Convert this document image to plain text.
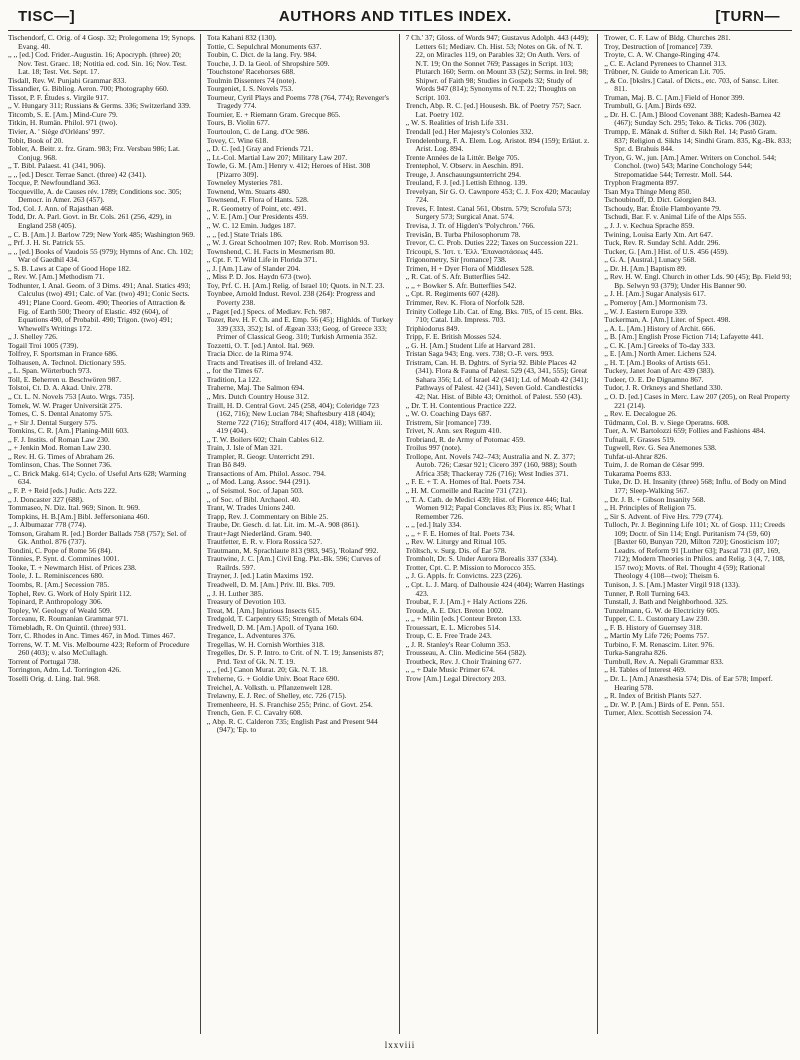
TISC—]	AUTHORS AND TITLES INDEX.	[TURN—

Tischendorf, C. Orig. of 4 Gosp. 32; Prolegomena 19; Synops. Evang. 40.

,, ,, [ed.] Cod. Frider.-Augustin. 16; Apocryph. (three) 20; Nov. Test. Graec. 18; Notitia ed. cod. Sin. 16; Nov. Test. Lat. 18; Test. Vet. Sept. 17.

Tisdall, Rev. W. Punjabi Grammar 833.

Tissandier, G. Bibliog. Aeron. 700; Photography 660.

Tissot, P. F. Études s. Virgile 917.

,, V. Hungary 311; Russians & Germs. 336; Switzerland 339.

Titcomb, S. E. [Am.] Mind-Cure 79.

Titkin, H. Rumän. Philol. 971 (two).

Tivier, A. ' Siège d'Orléans' 997.

Tobit, Book of 20.

Tobler, A. Beitr. z. frz. Gram. 983; Frz. Versbau 986; Lat. Conjug. 968.

,, T. Bibl. Palaest. 41 (341, 906).

,, ,, [ed.] Descr. Terrae Sanct. (three) 42 (341).

Tocque, P. Newfoundland 363.

Tocqueville, A. de Causes rév. 1789; Conditions soc. 305; Democr. in Amer. 263 (457).

Tod, Col. J. Ann. of Rajasthan 468.

Todd, Dr. A. Parl. Govt. in Br. Cols. 261 (256, 429), in England 258 (405).

,, C. B. [Am.] J. Barlow 729; New York 485; Washington 969.

,, Prf. J. H. St. Patrick 55.

,, ,, [ed.] Books of Vaudois 55 (979); Hymns of Anc. Ch. 102; War of Gaedhil 434.

,, S. B. Laws at Cape of Good Hope 182.

,, Rev. W. [Am.] Methodism 71.

Todhunter, I. Anal. Geom. of 3 Dims. 491; Anal. Statics 493; Calculus (two) 491; Calc. of Var. (two) 491; Conic Sects. 491; Plane Coord. Geom. 490; Theories of Attraction & Fig. of Earth 500; Theory of Elastic. 492 (604), of Equations 490, of Probabil. 490; Trigon. (two) 491; Whewell's Writings 172.

,, J. Shelley 726.

Togail Troi 1005 (739).

Tolfrey, F. Sportsman in France 686.

Tolhausen, A. Technol. Dictionary 595.

,, L. Span. Wörterbuch 973.

Toll, E. Beherren u. Beschwören 987.

Tolstoi, Ct. D. A. Akad. Univ. 278.

,, Ct. L. N. Novels 753 [Auto. Wrgs. 735].

Tomek, W. W. Prager Universität 275.

Tomes, C. S. Dental Anatomy 575.

,, + Sir J. Dental Surgery 575.

Tomkins, C. R. [Am.] Planing-Mill 603.

,, F. J. Instits. of Roman Law 230.

,, + Jenkin Mod. Roman Law 230.

,, Rev. H. G. Times of Abraham 26.

Tomlinson, Chas. The Sonnet 736.

,, C. Brick Makg. 614; Cyclo. of Useful Arts 628; Warming 634.

,, F. P. + Reid [eds.] Judic. Acts 222.

,, J. Doncaster 327 (688).

Tommaseo, N. Diz. Ital. 969; Sinon. It. 969.

Tompkins, H. B.[Am.] Bibl. Jeffersoniana 460.

,, J. Albumazar 778 (774).

Tomson, Graham R. [ed.] Border Ballads 758 (757); Sel. of Gk. Anthol. 876 (737).

Tondini, C. Pope of Rome 56 (84).

Tönnies, P. Synt. d. Commines 1001.

Tooke, T. + Newmarch Hist. of Prices 238.

Toole, J. L. Reminiscences 680.

Toombs, R. [Am.] Secession 785.

Tophel, Rev. G. Work of Holy Spirit 112.

Topinard, P. Anthropology 306.

Topley, W. Geology of Weald 509.

Torceanu, R. Roumanian Grammar 971.

Törnebladh, R. On Quintil. (three) 931.

Torr, C. Rhodes in Anc. Times 467, in Mod. Times 467.

Torrens, W. T. M. Vis. Melbourne 423; Reform of Procedure 260 (403); v. also McCullagh.

Torrent of Portugal 738.

Torrington, Adm. Ld. Torrington 426.

Toselli Orig. d. Ling. Ital. 968.

Tota Kahani 832 (130).

Tottie, C. Sepulchral Monuments 637.

Toubin, C. Dict. de la lang. Fry. 984.

Touche, J. D. la Geol. of Shropshire 509.

'Touchstone' Racehorses 688.

Toulmin Dissenters 74 (note).

Tourgeniet, I. S. Novels 753.

Tourneur, Cyril Plays and Poems 778 (764, 774); Revenger's Tragedy 774.

Tournier, E. + Riemann Gram. Grecque 865.

Tours, B. Violin 677.

Tourtoulon, C. de Lang. d'Oc 986.

Tovey, C. Wine 618.

,, D. C. [ed.] Gray and Friends 721.

,, Lt.-Col. Martial Law 207; Military Law 207.

Towle, G. M. [Am.] Henry v. 412; Heroes of Hist. 308 [Pizarro 309].

Towneley Mysteries 781.

Townend, Wm. Stuarts 480.

Townsend, F. Flora of Hants. 528.

,, R. Geometry of Point, etc. 491.

,, V. E. [Am.] Our Presidents 459.

,, W. C. 12 Emin. Judges 187.

,, ,, [ed.] State Trials 186.

,, W. J. Great Schoolmen 107; Rev. Rob. Morrison 93.

Townshend, C. H. Facts in Mesmerism 80.

,, Cpt. F. T. Wild Life in Florida 371.

,, J. [Am.] Law of Slander 204.

,, Miss P. D. Jos. Haydn 673 (two).

Toy, Prf. C. H. [Am.] Relig. of Israel 10; Quots. in N.T. 23.

Toynbee, Arnold Indust. Revol. 238 (264): Progress and Poverty 238.

,, Paget [ed.] Specs. of Mediæv. Fch. 987.

Tozer, Rev. H. F. Ch. and E. Emp. 56 (45); Highlds. of Turkey 339 (333, 352); Isl. of Ægean 333; Geog. of Greece 333; Primer of Classical Geog. 310; Turkish Armenia 352.

Tozzetti, O. T. [ed.] Antol. Ital. 969.

Tracia Dicc. de la Rima 974.

Tracts and Treatises ill. of Ireland 432.

,, for the Times 67.

Tradition, La 122.

Traherne, Maj. The Salmon 694.

,, Mrs. Dutch Country House 312.

Traill, H. D. Central Govt. 245 (258, 404); Coleridge 723 (162, 716); New Lucian 784; Shaftesbury 418 (404); Sterne 722 (716); Strafford 417 (404, 418); William iii. 419 (404).

,, T. W. Boilers 602; Chain Cables 612.

Train, J. Isle of Man 321.

Trampler, R. Geogr. Unterricht 291.

Tran Bô 849.

Transactions of Am. Philol. Assoc. 794.

,, of Mod. Lang. Assoc. 944 (291).

,, of Seismol. Soc. of Japan 503.

,, of Soc. of Bibl. Archaeol. 40.

Trant, W. Trades Unions 240.

Trapp, Rev. J. Commentary on Bible 25.

Traube, Dr. Gesch. d. lat. Lit. im. M.-A. 908 (861).

Traut+Jagt Niederländ. Gram. 940.

Trautfetter, E. R. v. Flora Rossica 527.

Trautmann, M. Sprachlaute 813 (983, 945), 'Roland' 992.

Trautwine, J. C. [Am.] Civil Eng. Pkt.-Bk. 596; Curves of Railrds. 597.

Trayner, J. [ed.] Latin Maxims 192.

Treadwell, D. M. [Am.] Priv. Ill. Bks. 709.

,, J. H. Luther 385.

Treasury of Devotion 103.

Treat, M. [Am.] Injurious Insects 615.

Tredgold, T. Carpentry 635; Strength of Metals 604.

Tredwell, D. M. [Am.] Apoll. of Tyana 160.

Tregance, L. Adventures 376.

Tregellas, W. H. Cornish Worthies 318.

Tregelles, Dr. S. P. Intro. to Crit. of N. T. 19; Jansenists 87; Prtd. Text of Gk. N. T. 19.

,, ,, [ed.] Canon Murat. 20; Gk. N. T. 18.

Treherne, G. + Goldie Univ. Boat Race 690.

Treichel, A. Volksth. u. Pflanzenwelt 128.

Trelawny, E. J. Rec. of Shelley, etc. 726 (715).

Tremenheere, H. S. Franchise 255; Princ. of Govt. 254.

Trench, Gen. F. C. Cavalry 608.

,, Abp. R. C. Calderon 735; English Past and Present 944 (947); 'Ep. to

7 Ch.' 37; Gloss. of Words 947; Gustavus Adolph. 443 (449); Letters 61; Mediæv. Ch. Hist. 53; Notes on Gk. of N. T. 22, on Miracles 119, on Parables 32; On Auth. Vers. of N.T. 19; On the Sonnet 769; Passages in Script. 103; Plutarch 160; Serm. on Mount 33 (52); Serms. in Irel. 98; Shipwr. of Faith 98; Studies in Gospels 32; Study of Words 947 (814); Synonyms of N.T. 22; Thoughts on Script. 103.

Trench, Abp. R. C. [ed.] Housesh. Bk. of Poetry 757; Sacr. Lat. Poetry 102.

,, W. S. Realities of Irish Life 331.

Trendall [ed.] Her Majesty's Colonies 332.

Trendelenburg, F. A. Elem. Log. Aristot. 894 (159); Erläut. z. Arist. Log. 894.

Trente Années de la Littér. Belge 705.

Trentephol, V. Observ. in Aeschin. 891.

Treuge, J. Anschauungsunterricht 294.

Treuland, F. J. [ed.] Lettish Ethnog. 139.

Trevelyan, Sir G. O. Cawnpore 453; C. J. Fox 420; Macaulay 724.

Treves, F. Intest. Canal 561, Obstrn. 579; Scrofula 573; Surgery 573; Surgical Anat. 574.

Trevisa, J. Tr. of Higden's 'Polychron.' 766.

Trevisân, B. Turba Philosophorum 78.

Trevor, C. C. Prob. Duties 222; Taxes on Succession 221.

Tricoupi, S. 'Ιστ. τ. 'Ελλ. 'Επαναστάσεως 445.

Trigonometry, Sir [romance] 738.

Trimen, H + Dyer Flora of Middlesex 528.

,, R. Cat. of S. Afr. Butterflies 542.

,, ,, + Bowker S. Afr. Butterflies 542.

,, Cpt. R. Regiments 607 (428).

Trimmer, Rev. K. Flora of Norfolk 528.

Trinity College Lib. Cat. of Eng. Bks. 705, of 15 cent. Bks. 710; Catal. Lib. Impress. 703.

Triphiodorus 849.

Tripp, F. E. British Mosses 524.

,, G. H. [Am.] Student Life at Harvard 281.

Tristan Saga 943; Eng. vers. 738; O.-F. vers. 993.

Tristram, Can. H. B. Dghtrs. of Syria 92. Bible Places 42 (341). Flora & Fauna of Palest. 529 (43, 341, 555); Great Sahara 356; Ld. of Israel 42 (341); Ld. of Moab 42 (341); Pathways of Palest. 42 (341), Seven Gold. Candlesticks 42; Nat. Hist. of Bible 43; Ornithol. of Palest. 550 (43).

,, Dr. T. H. Contentious Practice 222.

,, W. O. Coaching Days 687.

Tristrem, Sir [romance] 739.

Trivet, N. Ann. sex Regum 410.

Trobriand, R. de Army of Potomac 459.

Troilus 997 (note).

Trollope, Ant. Novels 742–743; Australia and N. Z. 377; Autob. 726; Cæsar 921; Cicero 397 (160, 988); South Africa 358; Thackeray 726 (716); West Indies 371.

,, F. E. + T. A. Homes of Ital. Poets 734.

,, H. M. Corneille and Racine 731 (721).

,, T. A. Cath. de Medici 439; Hist. of Florence 446; Ital. Women 912; Papal Conclaves 83; Pius ix. 85; What I Remember 726.

,, ,, [ed.] Italy 334.

,, ,, + F. E. Homes of Ital. Poets 734.

,, Rev. W. Liturgy and Ritual 105.

Tröltsch, v. Surg. Dis. of Ear 578.

Tromholt, Dr. S. Under Aurora Borealis 337 (334).

Trotter, Cpt. C. P. Mission to Morocco 355.

,, J. G. Appls. fr. Convictns. 223 (226).

,, Cpt. L. J. Marq. of Dalhousie 424 (404); Warren Hastings 423.

Troubat, F. J. [Am.] + Haly Actions 226.

Troude, A. E. Dict. Breton 1002.

,, ,, + Milin [eds.] Conteur Breton 133.

Trouessart, E. L. Microbes 514.

Troup, C. E. Free Trade 243.

,, J. R. Stanley's Rear Column 353.

Trousseau, A. Clin. Medicine 564 (582).

Troutbeck, Rev. J. Choir Training 677.

,, ,, + Dale Music Primer 674.

Trow [Am.] Legal Directory 203.

Trower, C. F. Law of Bldg. Churches 281.

Troy, Destruction of [romance] 739.

Troyte, C. A. W. Change-Ringing 474.

,, C. E. Acland Pyrenees to Channel 313.

Trübner, N. Guide to American Lit. 705.

,, & Co. [bkslrs.] Catal. of Dicts., etc. 703, of Sansc. Liter. 811.

Truman, Maj. B. C. [Am.] Field of Honor 399.

Trumbull, G. [Am.] Birds 692.

,, Dr. H. C. [Am.] Blood Covenant 388; Kadesh-Barnea 42 (467); Sunday Sch. 295; Teko. & Ticks. 706 (302).

Trumpp, E. Mânak d. Stifter d. Sikh Rel. 14; Pastô Gram. 837; Religion d. Sikhs 14; Sindhi Gram. 835, Kg.-Bk. 833; Spr. d. Brahuis 844.

Tryon, G. W., jun. [Am.] Amer. Writers on Conchol. 544; Conchol. (two) 543; Marine Conchology 544; Strepomatidae 544; Terrestr. Moll. 544.

Tryphon Fragmenta 897.

Tsan Mya Thinge Meng 850.

Tschoubinoff, D. Dict. Géorgien 843.

Tschoudy, Bar. Étoile Flamboyante 79.

Tschudi, Bar. F. v. Animal Life of the Alps 555.

,, J. J. v. Kechua Sprache 859.

Twining, Louisa Early Xtn. Art 647.

Tuck, Rev. R. Sunday Schl. Addr. 296.

Tucker, G. [Am.] Hist. of U.S. 456 (459).

,, G. A. [Austral.] Lunacy 568.

,, Dr. H. [Am.] Baptism 89.

,, Rev. H. W. Engl. Church in other Lds. 90 (45); Bp. Field 93; Bp. Selwyn 93 (379); Under His Banner 90.

,, J. H. [Am.] Sugar Analysis 617.

,, Pomeroy [Am.] Mormonism 73.

,, W. J. Eastern Europe 339.

Tuckerman, A. [Am.] Liter. of Spect. 498.

,, A. L. [Am.] History of Archit. 666.

,, B. [Am.] English Prose Fiction 714; Lafayette 441.

,, C. K. [Am.] Greeks of To-day 333.

,, E. [Am.] North Amer. Lichens 524.

,, H. T. [Am.] Books of Artists 651.

Tuckey, Janet Joan of Arc 439 (383).

Tudeer, O. E. De Dignamno 867.

Tudor, J. R. Orkneys and Shetland 330.

,, O. D. [ed.] Cases in Merc. Law 207 (205), on Real Property 221 (214).

,, Rev. E. Decalogue 26.

Tüdmann, Col. B. v. Siege Operatns. 608.

Tuer, A. W. Bartolozzi 659; Follies and Fashions 484.

Tufnail, F. Grasses 519.

Tugwell, Rev. G. Sea Anemones 538.

Tuhfat-ul-Ahrar 826.

Tuim, J. de Roman de César 999.

Tukarama Poems 833.

Tuke, Dr. D. H. Insanity (three) 568; Influ. of Body on Mind 177; Sleep-Walking 567.

,, Dr. J. B. + Gibson Insanity 568.

,, H. Principles of Religion 75.

,, Sir S. Advent. of Five Hrs. 779 (774).

Tulloch, Pr. J. Beginning Life 101; Xt. of Gosp. 111; Creeds 109; Doctr. of Sin 114; Engl. Puritanism 74 (59, 60) [Baxter 60, Bunyan 720, Milton 720]; Gnosticism 107; Leadrs. of Reform 91 [Luther 63]; Pascal 731 (87, 169, 712); Modern Theories in Philos. and Relig. 3 (4, 7, 108, 157 two); Movts. of Rel. Thought 4 (59); Rational Theology 4 (108—two); Theism 6.

Tunison, J. S. [Am.] Master Virgil 918 (133).

Tunner, P. Roll Turning 643.

Tunstall, J. Bath and Neighborhood. 325.

Tunzelmann, G. W. de Electricity 605.

Tupper, C. L. Customary Law 230.

,, F. B. History of Guernsey 318.

,, Martin My Life 726; Poems 757.

Turbino, F. M. Renascim. Liter. 976.

Turka-Sangraha 826.

Turnbull, Rev. A. Nepali Grammar 833.

,, H. Tables of Interest 469.

,, Dr. L. [Am.] Anæsthesia 574; Dis. of Ear 578; Imperf. Hearing 578.

,, R. Index of British Plants 527.

,, Dr. W. P. [Am.] Birds of E. Penn. 551.

Turner, Alex. Scottish Secession 74.

lxxviii
